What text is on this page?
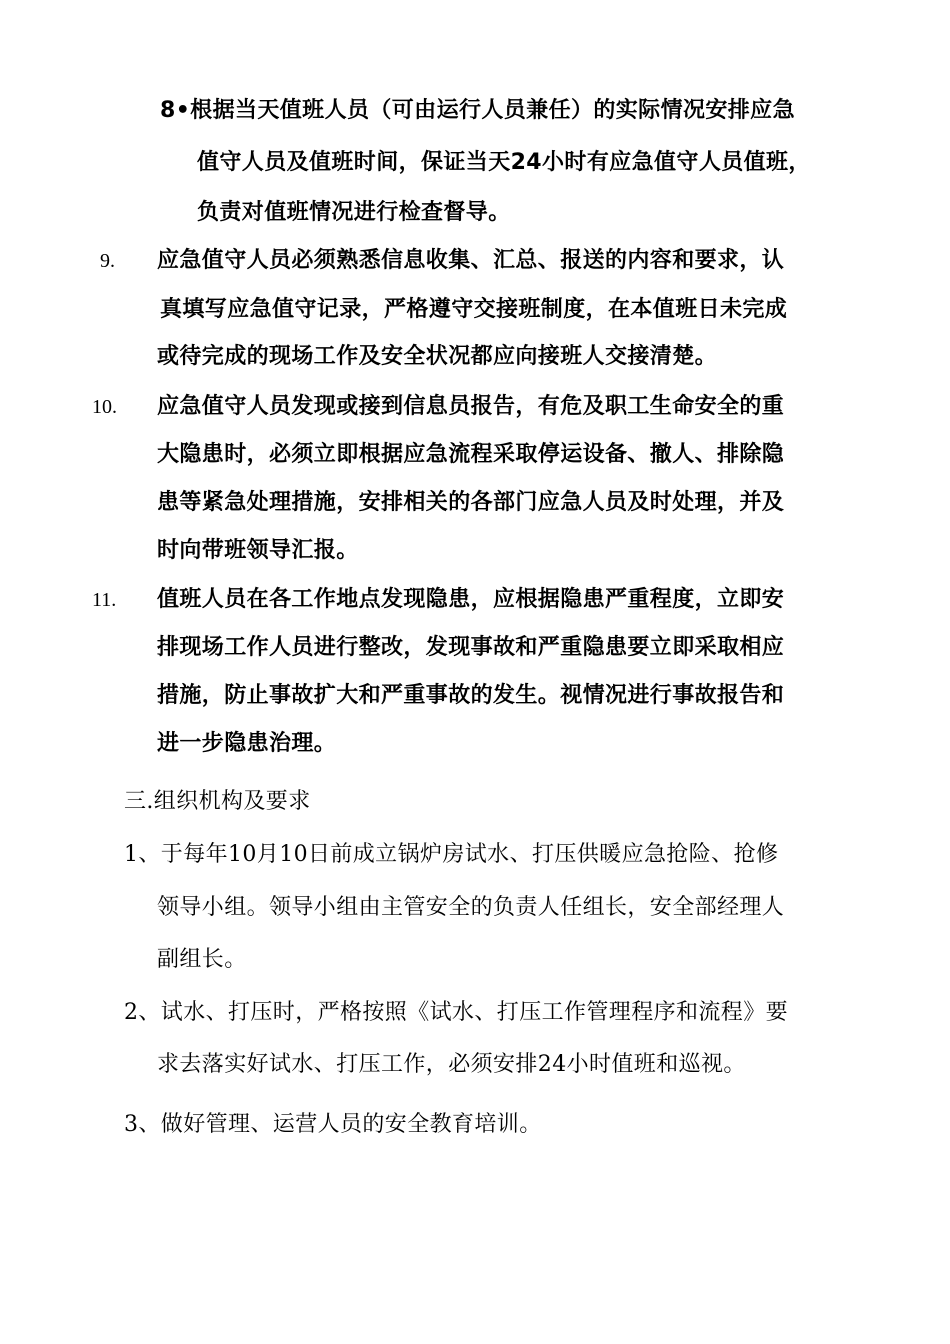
8•根据当天值班人员（可由运行人员兼任）的实际情况安排应急
值守人员及值班时间，保证当天24小时有应急值守人员值班，
负责对值班情况进行检查督导。
9. 应急值守人员必须熟悉信息收集、汇总、报送的内容和要求，认
真填写应急值守记录，严格遵守交接班制度，在本值班日未完成
或待完成的现场工作及安全状况都应向接班人交接清楚。
10. 应急值守人员发现或接到信息员报告，有危及职工生命安全的重
大隐患时，必须立即根据应急流程采取停运设备、撤人、排除隐
患等紧急处理措施，安排相关的各部门应急人员及时处理，并及
时向带班领导汇报。
11. 值班人员在各工作地点发现隐患，应根据隐患严重程度，立即安
排现场工作人员进行整改，发现事故和严重隐患要立即采取相应
措施，防止事故扩大和严重事故的发生。视情况进行事故报告和
进一步隐患治理。
三.组织机构及要求
1、于每年10月10日前成立锅炉房试水、打压供暖应急抢险、抢修
领导小组。领导小组由主管安全的负责人任组长，安全部经理人
副组长。
2、试水、打压时，严格按照《试水、打压工作管理程序和流程》要
求去落实好试水、打压工作，必须安排24小时值班和巡视。
3、做好管理、运营人员的安全教育培训。
